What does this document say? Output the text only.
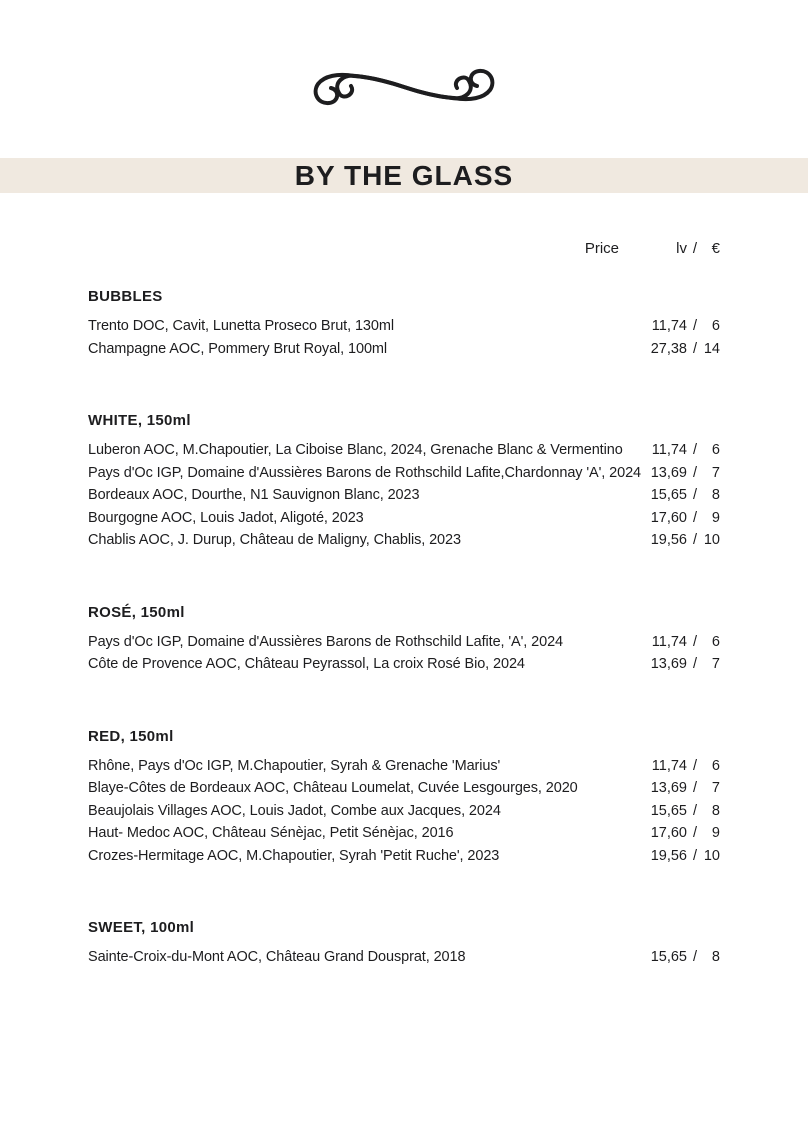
BY THE GLASS
Price	lv / €
BUBBLES
Trento DOC, Cavit, Lunetta Proseco Brut, 130ml	11,74 /	6
Champagne AOC, Pommery Brut Royal, 100ml	27,38 / 14
WHITE, 150ml
Luberon AOC, M.Chapoutier, La Ciboise Blanc, 2024, Grenache Blanc & Vermentino	11,74 /	6
Pays d'Oc IGP, Domaine d'Aussières Barons de Rothschild Lafite,Chardonnay 'A', 2024 13,69 /	7
Bordeaux AOC, Dourthe, N1 Sauvignon Blanc, 2023	15,65 /	8
Bourgogne AOC, Louis Jadot, Aligoté, 2023	17,60 /	9
Chablis AOC, J. Durup, Château de Maligny, Chablis, 2023	19,56 / 10
ROSÉ, 150ml
Pays d'Oc IGP, Domaine d'Aussières Barons de Rothschild Lafite, 'A', 2024	11,74 /	6
Côte de Provence AOC, Château Peyrassol, La croix Rosé Bio, 2024	13,69 /	7
RED, 150ml
Rhône, Pays d'Oc IGP, M.Chapoutier, Syrah & Grenache 'Marius'	11,74 /	6
Blaye-Côtes de Bordeaux AOC, Château Loumelat, Cuvée Lesgourges, 2020	13,69 /	7
Beaujolais Villages AOC, Louis Jadot, Combe aux Jacques, 2024	15,65 /	8
Haut- Medoc AOC, Château Sénèjac, Petit Sénèjac, 2016	17,60 /	9
Crozes-Hermitage AOC, M.Chapoutier, Syrah 'Petit Ruche', 2023	19,56 / 10
SWEET, 100ml
Sainte-Croix-du-Mont AOC, Château Grand Dousprat, 2018	15,65 /	8
